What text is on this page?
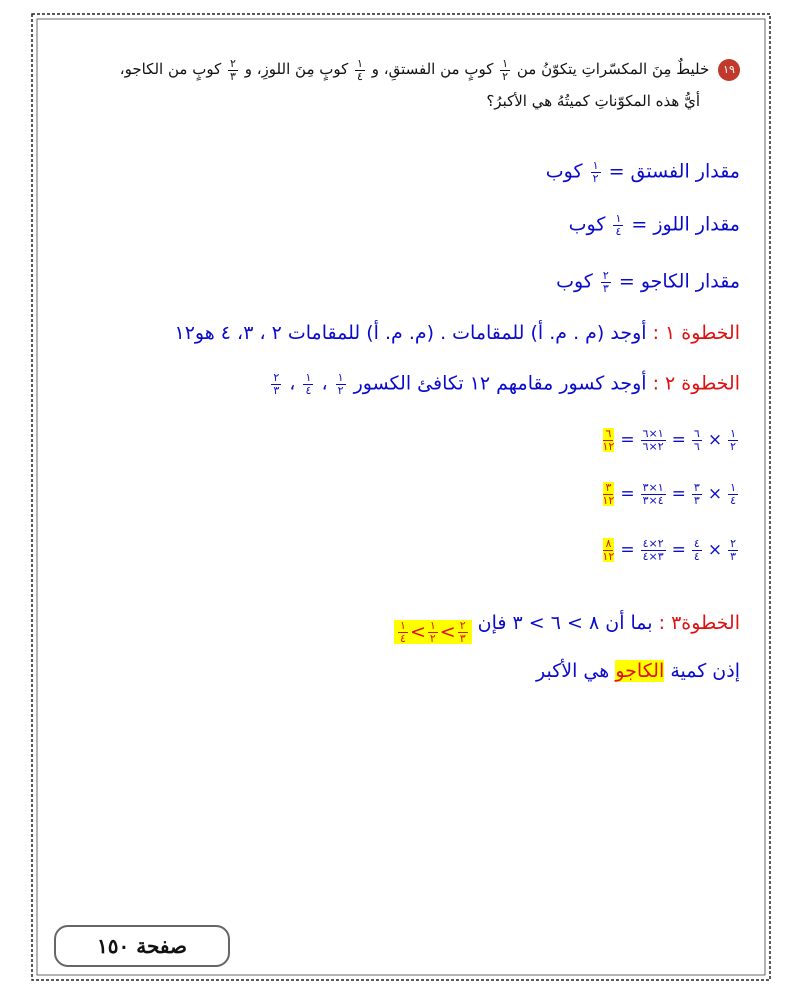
١٩ خليطٌ مِنَ المكسّراتِ يتكوّنُ من
$\frac{١}{٢}$
كوبٍ من الفستقِ، و
$\frac{١}{٤}$
كوبٍ مِنَ اللوزِ، و
$\frac{٢}{٣}$
كوبٍ من الكاجو،
أيُّ هذه المكوّناتِ كميتُهُ هي الأكبرُ؟
مقدار الفستق =
$\frac{١}{٢}$
كوب
مقدار اللوز =
$\frac{١}{٤}$
كوب
مقدار الكاجو =
$\frac{٢}{٣}$
كوب
الخطوة ١ : أوجد (م . م. أ) للمقامات . (م. م. أ) للمقامات ٢ ، ٣، ٤ هو١٢
الخطوة ٢ : أوجد كسور مقامهم ١٢ تكافئ الكسور
$\frac{١}{٢}$
،
$\frac{١}{٤}$
،
$\frac{٢}{٣}$
$\frac{١}{٢}$
×
$\frac{٦}{٦}$
=
$\frac{١\times ٦}{٢\times ٦}$
=
$\frac{٦}{١٢}$
$\frac{١}{٤}$
×
$\frac{٣}{٣}$
=
$\frac{١\times ٣}{٤\times ٣}$
=
$\frac{٣}{١٢}$
$\frac{٢}{٣}$
×
$\frac{٤}{٤}$
=
$\frac{٢\times ٤}{٣\times ٤}$
=
$\frac{٨}{١٢}$
الخطوة٣ : بما أن ٨ > ٦ > ٣ فإن
$\frac{٢}{٣}$
>
$\frac{١}{٢}$
>
$\frac{١}{٤}$
إذن كمية الكاجو هي الأكبر
صفحة ١٥٠
